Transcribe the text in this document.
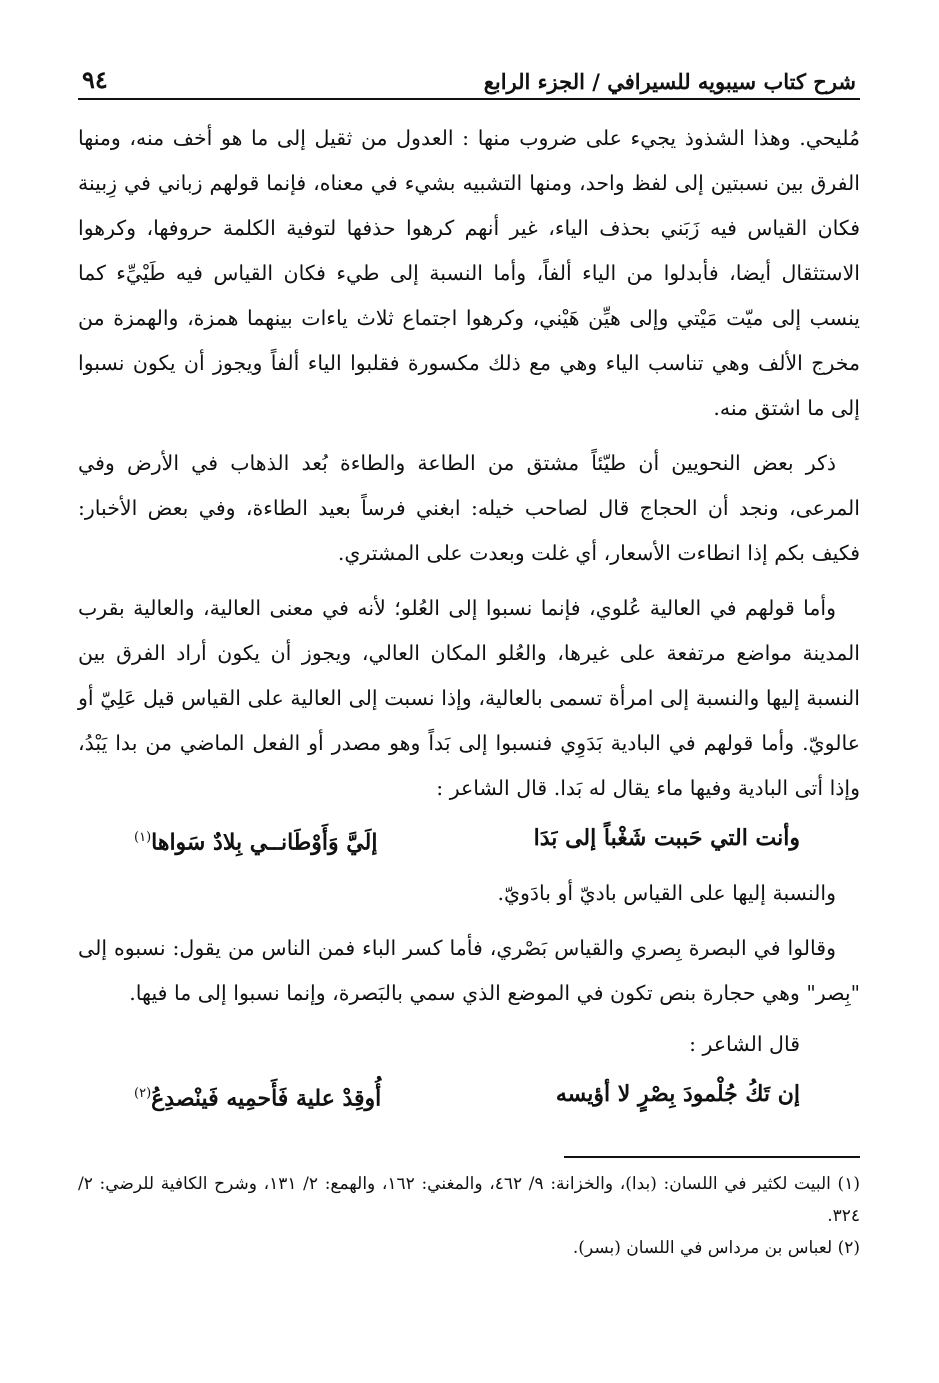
شرح كتاب سيبويه للسيرافي / الجزء الرابع
٩٤

مُليحي. وهذا الشذوذ يجيء على ضروب منها : العدول من ثقيل إلى ما هو أخف منه، ومنها الفرق بين نسبتين إلى لفظ واحد، ومنها التشبيه بشيء في معناه، فإنما قولهم زباني في زِبينة فكان القياس فيه زَبَني بحذف الياء، غير أنهم كرهوا حذفها لتوفية الكلمة حروفها، وكرهوا الاستثقال أيضا، فأبدلوا من الياء ألفاً، وأما النسبة إلى طيء فكان القياس فيه طَيْيِّء كما ينسب إلى ميّت مَيْتي وإلى هيِّن هَيْني، وكرهوا اجتماع ثلاث ياءات بينهما همزة، والهمزة من مخرج الألف وهي تناسب الياء وهي مع ذلك مكسورة فقلبوا الياء ألفاً ويجوز أن يكون نسبوا إلى ما اشتق منه.

ذكر بعض النحويين أن طيّئاً مشتق من الطاعة والطاءة بُعد الذهاب في الأرض وفي المرعى، ونجد أن الحجاج قال لصاحب خيله: ابغني فرساً بعيد الطاءة، وفي بعض الأخبار: فكيف بكم إذا انطاءت الأسعار، أي غلت وبعدت على المشتري.

وأما قولهم في العالية عُلوي، فإنما نسبوا إلى العُلو؛ لأنه في معنى العالية، والعالية بقرب المدينة مواضع مرتفعة على غيرها، والعُلو المكان العالي، ويجوز أن يكون أراد الفرق بين النسبة إليها والنسبة إلى امرأة تسمى بالعالية، وإذا نسبت إلى العالية على القياس قيل عَلِيّ أو عالويّ. وأما قولهم في البادية بَدَوِي فنسبوا إلى بَداً وهو مصدر أو الفعل الماضي من بدا يَبْدُ، وإذا أتى البادية وفيها ماء يقال له بَدا. قال الشاعر :

وأنت التي حَببت شَغْباً إلى بَدَا
إلَيَّ وَأَوْطَانــي بِلادٌ سَواها$^{(١)}$

والنسبة إليها على القياس باديّ أو بادَويّ.

وقالوا في البصرة بِصري والقياس بَصْري، فأما كسر الباء فمن الناس من يقول: نسبوه إلى "بِصر" وهي حجارة بنص تكون في الموضع الذي سمي بالبَصرة، وإنما نسبوا إلى ما فيها.

قال الشاعر :

إن تَكُ جُلْمودَ بِصْرٍ لا أؤيسه
أُوقِدْ علية فَأَحمِيه فَينْصدِعُ$^{(٢)}$

(١) البيت لكثير في اللسان: (بدا)، والخزانة: ٩/ ٤٦٢، والمغني: ١٦٢، والهمع: ٢/ ١٣١، وشرح الكافية للرضي: ٢/ ٣٢٤.

(٢) لعباس بن مرداس في اللسان (بسر).
